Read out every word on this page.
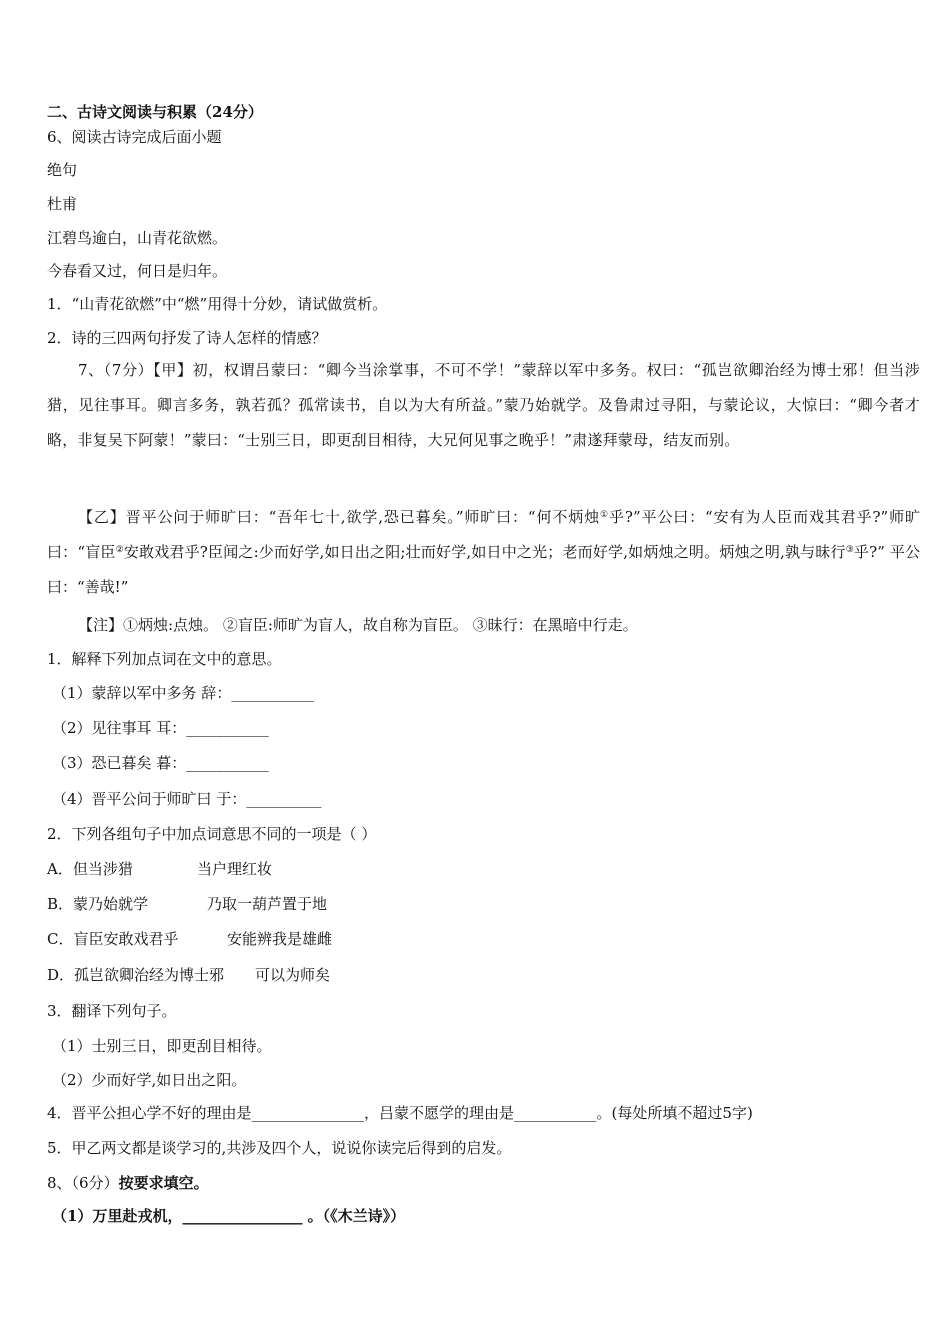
二、古诗文阅读与积累（24分）
6、阅读古诗完成后面小题
绝句
杜甫
江碧鸟逾白，山青花欲燃。
今春看又过，何日是归年。
1．“山青花欲燃”中“燃”用得十分妙，请试做赏析。
2．诗的三四两句抒发了诗人怎样的情感？
7、（7分）【甲】初，权谓吕蒙曰：“卿今当涂掌事，不可不学！”蒙辞以军中多务。权曰：“孤岂欲卿治经为博士邪！但当涉猎，见往事耳。卿言多务，孰若孤？孤常读书，自以为大有所益。”蒙乃始就学。及鲁肃过寻阳，与蒙论议，大惊曰：“卿今者才略，非复吴下阿蒙！”蒙曰：“士别三日，即更刮目相待，大兄何见事之晚乎！”肃遂拜蒙母，结友而别。
【乙】晋平公问于师旷曰：“吾年七十,欲学,恐已暮矣。”师旷曰：“何不炳烛①乎?”平公曰：“安有为人臣而戏其君乎?”师旷曰：“盲臣②安敢戏君乎?臣闻之:少而好学,如日出之阳;壮而好学,如日中之光；老而好学,如炳烛之明。炳烛之明,孰与昧行③乎?” 平公曰：“善哉!”
【注】①炳烛:点烛。 ②盲臣:师旷为盲人，故自称为盲臣。 ③昧行：在黑暗中行走。
1．解释下列加点词在文中的意思。
（1）蒙辞以军中多务 辞：___________
（2）见往事耳 耳：___________
（3）恐已暮矣 暮：___________
（4）晋平公问于师旷曰 于：__________
2．下列各组句子中加点词意思不同的一项是（ ）
A．但当涉猎	当户理红妆
B．蒙乃始就学	乃取一葫芦置于地
C．盲臣安敢戏君乎	安能辨我是雄雌
D．孤岂欲卿治经为博士邪 可以为师矣
3．翻译下列句子。
（1）士别三日，即更刮目相待。
（2）少而好学,如日出之阳。
4．晋平公担心学不好的理由是_______________，吕蒙不愿学的理由是___________。(每处所填不超过5字)
5．甲乙两文都是谈学习的,共涉及四个人，说说你读完后得到的启发。
8、（6分）按要求填空。
（1）万里赴戎机，________________ 。（《木兰诗》）
